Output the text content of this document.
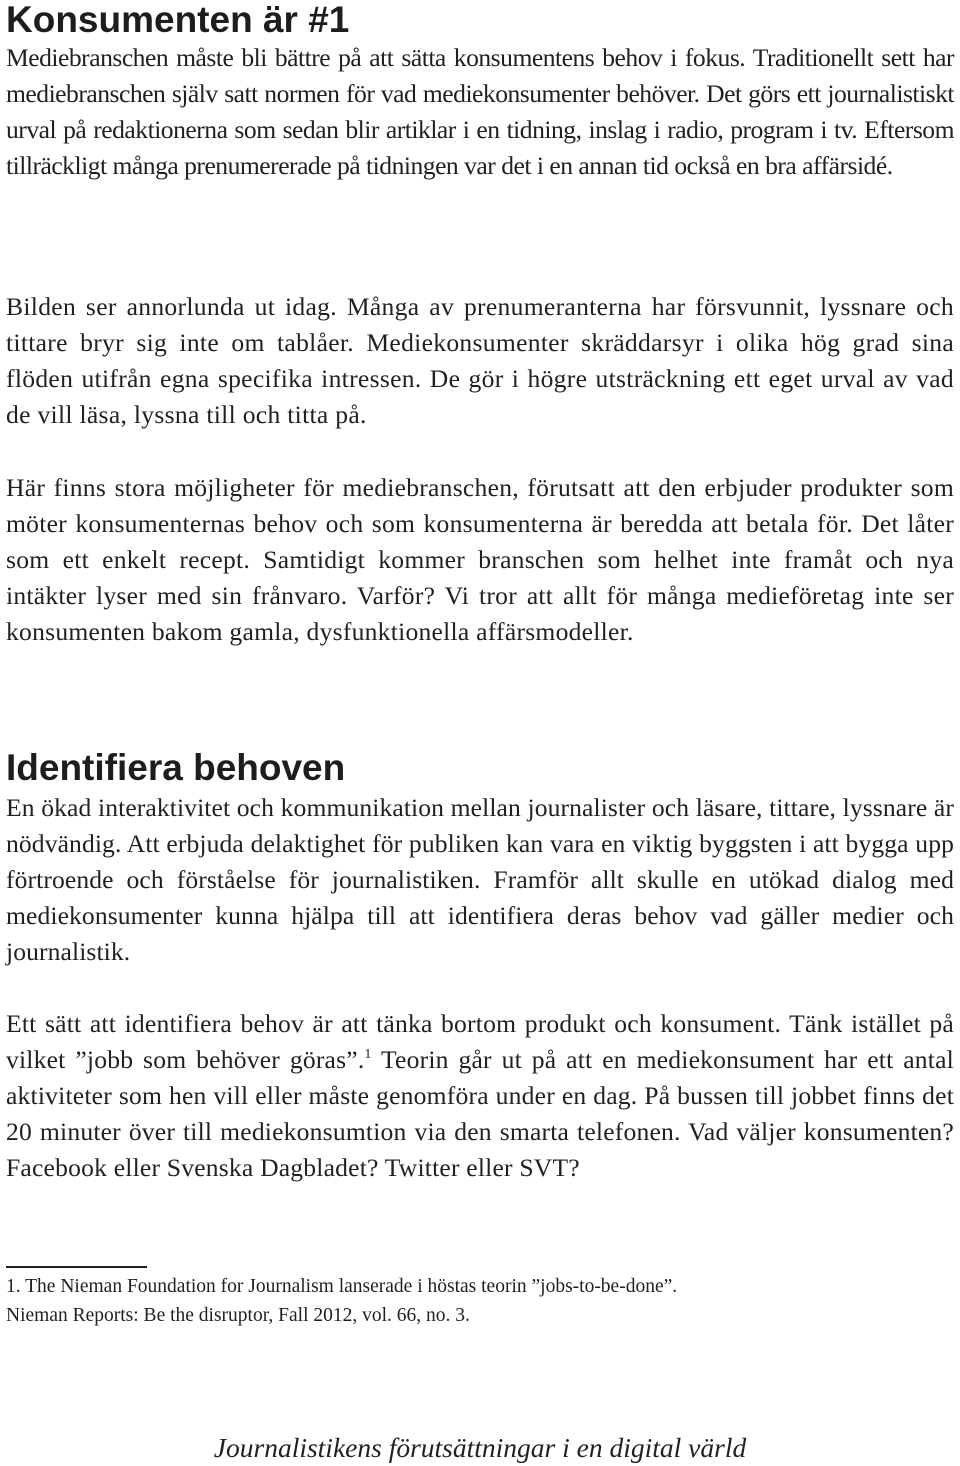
Konsumenten är #1

Mediebranschen måste bli bättre på att sätta konsumentens behov i fokus. Traditionellt sett har mediebranschen själv satt normen för vad mediekonsumenter behöver. Det görs ett journalistiskt urval på redaktionerna som sedan blir artiklar i en tidning, inslag i radio, program i tv. Eftersom tillräckligt många prenumererade på tidningen var det i en annan tid också en bra affärsidé.

Bilden ser annorlunda ut idag. Många av prenumeranterna har försvunnit, lyssnare och tittare bryr sig inte om tablåer. Mediekonsumenter skräddarsyr i olika hög grad sina flöden utifrån egna specifika intressen. De gör i högre utsträckning ett eget urval av vad de vill läsa, lyssna till och titta på.

Här finns stora möjligheter för mediebranschen, förutsatt att den erbjuder produkter som möter konsumenternas behov och som konsumenterna är beredda att betala för. Det låter som ett enkelt recept. Samtidigt kommer branschen som helhet inte framåt och nya intäkter lyser med sin frånvaro. Varför? Vi tror att allt för många medieföretag inte ser konsumenten bakom gamla, dysfunktionella affärsmodeller.

Identifiera behoven

En ökad interaktivitet och kommunikation mellan journalister och läsare, tittare, lyssnare är nödvändig. Att erbjuda delaktighet för publiken kan vara en viktig byggsten i att bygga upp förtroende och förståelse för journalistiken. Framför allt skulle en utökad dialog med mediekonsumenter kunna hjälpa till att identifiera deras behov vad gäller medier och journalistik.

Ett sätt att identifiera behov är att tänka bortom produkt och konsument. Tänk istället på vilket ”jobb som behöver göras”.$^1$ Teorin går ut på att en mediekonsument har ett antal aktiviteter som hen vill eller måste genomföra under en dag. På bussen till jobbet finns det 20 minuter över till mediekonsumtion via den smarta telefonen. Vad väljer konsumenten? Facebook eller Svenska Dagbladet? Twitter eller SVT?

1. The Nieman Foundation for Journalism lanserade i höstas teorin ”jobs-to-be-done”.

Nieman Reports: Be the disruptor, Fall 2012, vol. 66, no. 3.

Journalistikens förutsättningar i en digital värld
